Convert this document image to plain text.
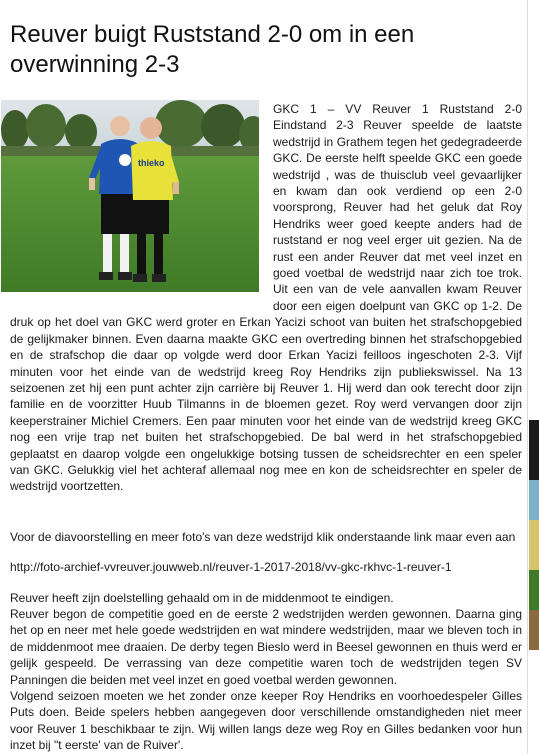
Reuver buigt Ruststand 2-0 om in een overwinning 2-3
thieko

GKC 1 – VV Reuver 1 Ruststand 2-0 Eindstand 2-3 Reuver speelde de laatste wedstrijd in Grathem tegen het gedegradeerde GKC. De eerste helft speelde GKC een goede wedstrijd , was de thuisclub veel gevaarlijker en kwam dan ook verdiend op een 2-0 voorsprong, Reuver had het geluk dat Roy Hendriks weer goed keepte anders had de ruststand er nog veel erger uit gezien. Na de rust een ander Reuver dat met veel inzet en goed voetbal de wedstrijd naar zich toe trok. Uit een van de vele aanvallen kwam Reuver door een eigen doelpunt van GKC op 1-2. De druk op het doel van GKC werd groter en Erkan Yacizi schoot van buiten het strafschopgebied de gelijkmaker binnen. Even daarna maakte GKC een overtreding binnen het strafschopgebied en de strafschop die daar op volgde werd door Erkan Yacizi feilloos ingeschoten 2-3. Vijf minuten voor het einde van de wedstrijd kreeg Roy Hendriks zijn publiekswissel. Na 13 seizoenen zet hij een punt achter zijn carrière bij Reuver 1. Hij werd dan ook terecht door zijn familie en de voorzitter Huub Tilmanns in de bloemen gezet. Roy werd vervangen door zijn keeperstrainer Michiel Cremers. Een paar minuten voor het einde van de wedstrijd kreeg GKC nog een vrije trap net buiten het strafschopgebied. De bal werd in het strafschopgebied geplaatst en daarop volgde een ongelukkige botsing tussen de scheidsrechter en een speler van GKC. Gelukkig viel het achteraf allemaal nog mee en kon de scheidsrechter en speler de wedstrijd voortzetten.

Voor de diavoorstelling en meer foto's van deze wedstrijd klik onderstaande link maar even aan

http://foto-archief-vvreuver.jouwweb.nl/reuver-1-2017-2018/vv-gkc-rkhvc-1-reuver-1

Reuver heeft zijn doelstelling gehaald om in de middenmoot te eindigen.

Reuver begon de competitie goed en de eerste 2 wedstrijden werden gewonnen. Daarna ging het op en neer met hele goede wedstrijden en wat mindere wedstrijden, maar we bleven toch in de middenmoot mee draaien. De derby tegen Bieslo werd in Beesel gewonnen en thuis werd er gelijk gespeeld. De verrassing van deze competitie waren toch de wedstrijden tegen SV Panningen die beiden met veel inzet en goed voetbal werden gewonnen.

Volgend seizoen moeten we het zonder onze keeper Roy Hendriks en voorhoedespeler Gilles Puts doen. Beide spelers hebben aangegeven door verschillende omstandigheden niet meer voor Reuver 1 beschikbaar te zijn. Wij willen langs deze weg Roy en Gilles bedanken voor hun inzet bij "t eerste' van de Ruiver'.
